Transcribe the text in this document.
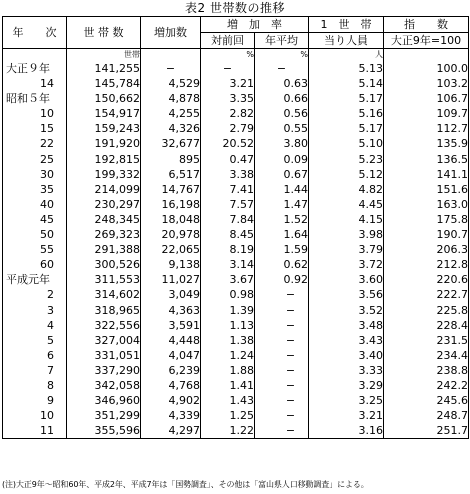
表2 世帯数の推移
年　　次	世 帯 数	増加数	増　加　率		1　世　帯	指　　数
			対前回	年平均	当り人員	大正9年=100
	世帯		%	%	人	
大正９年	141,255	−	−	−	5.13	100.0
14	145,784	4,529	3.21	0.63	5.14	103.2
昭和５年	150,662	4,878	3.35	0.66	5.17	106.7
10	154,917	4,255	2.82	0.56	5.16	109.7
15	159,243	4,326	2.79	0.55	5.17	112.7
22	191,920	32,677	20.52	3.80	5.10	135.9
25	192,815	895	0.47	0.09	5.23	136.5
30	199,332	6,517	3.38	0.67	5.12	141.1
35	214,099	14,767	7.41	1.44	4.82	151.6
40	230,297	16,198	7.57	1.47	4.45	163.0
45	248,345	18,048	7.84	1.52	4.15	175.8
50	269,323	20,978	8.45	1.64	3.98	190.7
55	291,388	22,065	8.19	1.59	3.79	206.3
60	300,526	9,138	3.14	0.62	3.72	212.8
平成元年	311,553	11,027	3.67	0.92	3.60	220.6
2	314,602	3,049	0.98	−	3.56	222.7
3	318,965	4,363	1.39	−	3.52	225.8
4	322,556	3,591	1.13	−	3.48	228.4
5	327,004	4,448	1.38	−	3.43	231.5
6	331,051	4,047	1.24	−	3.40	234.4
7	337,290	6,239	1.88	−	3.33	238.8
8	342,058	4,768	1.41	−	3.29	242.2
9	346,960	4,902	1.43	−	3.25	245.6
10	351,299	4,339	1.25	−	3.21	248.7
11	355,596	4,297	1.22	−	3.16	251.7
(注)大正9年～昭和60年、平成2年、平成7年は「国勢調査」、その他は「富山県人口移動調査」による。
